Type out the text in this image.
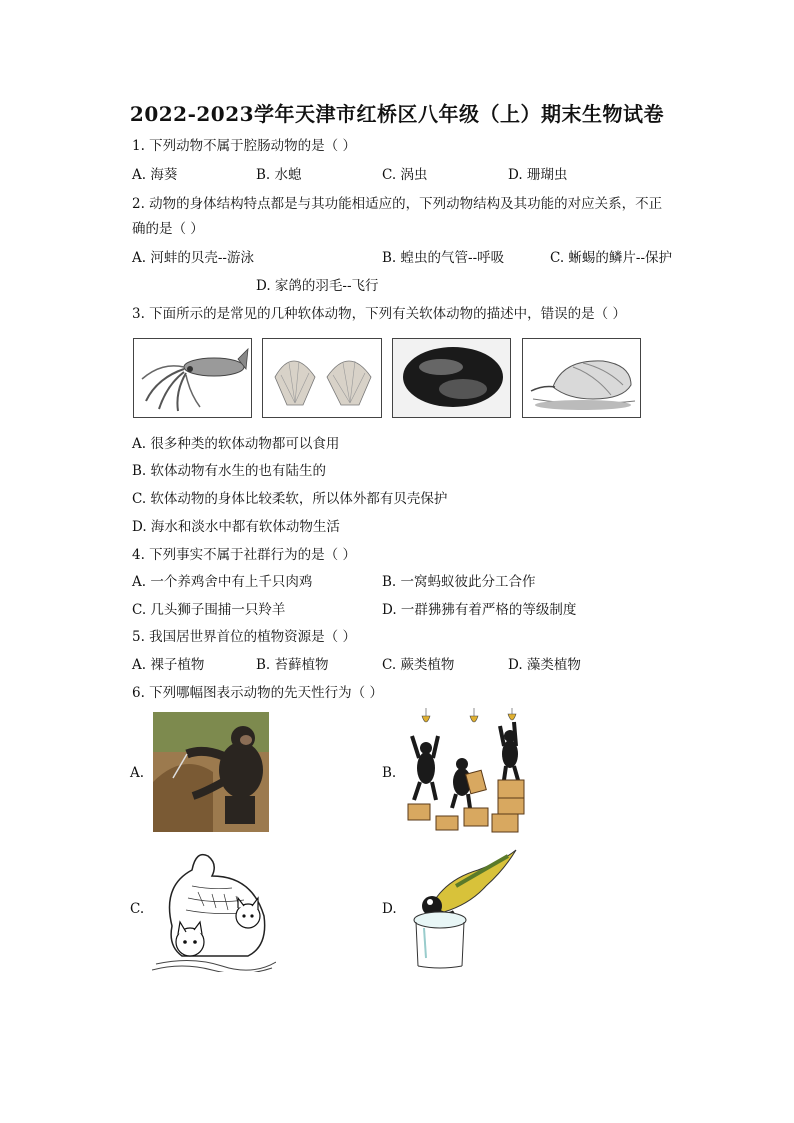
2022-2023学年天津市红桥区八年级（上）期末生物试卷
1. 下列动物不属于腔肠动物的是（ ）
A. 海葵	B. 水螅	C. 涡虫	D. 珊瑚虫
2. 动物的身体结构特点都是与其功能相适应的，下列动物结构及其功能的对应关系，不正
确的是（ ）
A. 河蚌的贝壳--游泳	B. 蝗虫的气管--呼吸	C. 蜥蜴的鳞片--保护
D. 家鸽的羽毛--飞行
3. 下面所示的是常见的几种软体动物，下列有关软体动物的描述中，错误的是（ ）
A. 很多种类的软体动物都可以食用
B. 软体动物有水生的也有陆生的
C. 软体动物的身体比较柔软，所以体外都有贝壳保护
D. 海水和淡水中都有软体动物生活
4. 下列事实不属于社群行为的是（ ）
A. 一个养鸡舍中有上千只肉鸡	B. 一窝蚂蚁彼此分工合作
C. 几头狮子围捕一只羚羊	D. 一群狒狒有着严格的等级制度
5. 我国居世界首位的植物资源是（ ）
A. 裸子植物	B. 苔藓植物	C. 蕨类植物	D. 藻类植物
6. 下列哪幅图表示动物的先天性行为（ ）
A.	B.
C.	D.
